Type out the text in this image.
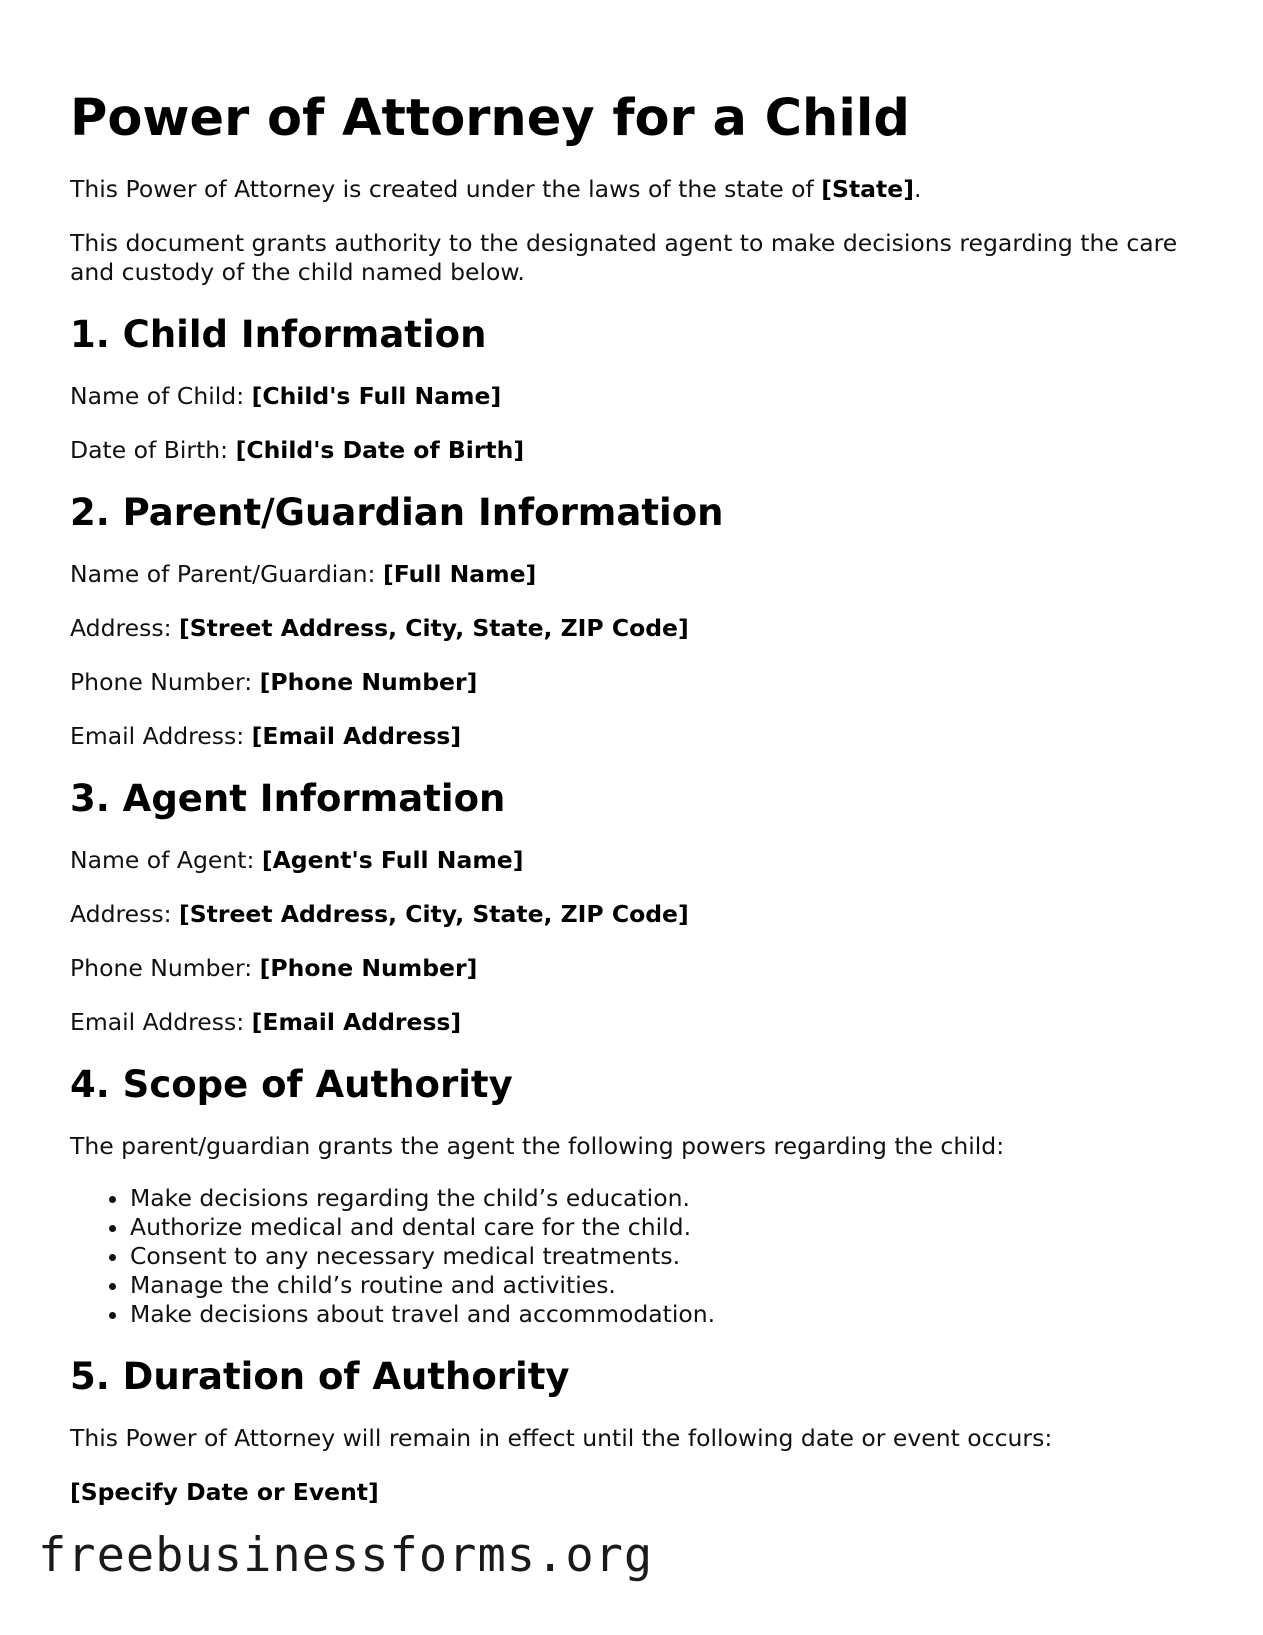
Power of Attorney for a Child

This Power of Attorney is created under the laws of the state of [State].

This document grants authority to the designated agent to make decisions regarding the care and custody of the child named below.

1. Child Information

Name of Child: [Child's Full Name]

Date of Birth: [Child's Date of Birth]

2. Parent/Guardian Information

Name of Parent/Guardian: [Full Name]

Address: [Street Address, City, State, ZIP Code]

Phone Number: [Phone Number]

Email Address: [Email Address]

3. Agent Information

Name of Agent: [Agent's Full Name]

Address: [Street Address, City, State, ZIP Code]

Phone Number: [Phone Number]

Email Address: [Email Address]

4. Scope of Authority

The parent/guardian grants the agent the following powers regarding the child:

• Make decisions regarding the child’s education.
• Authorize medical and dental care for the child.
• Consent to any necessary medical treatments.
• Manage the child’s routine and activities.
• Make decisions about travel and accommodation.
5. Duration of Authority

This Power of Attorney will remain in effect until the following date or event occurs:

[Specify Date or Event]

freebusinessforms.org
